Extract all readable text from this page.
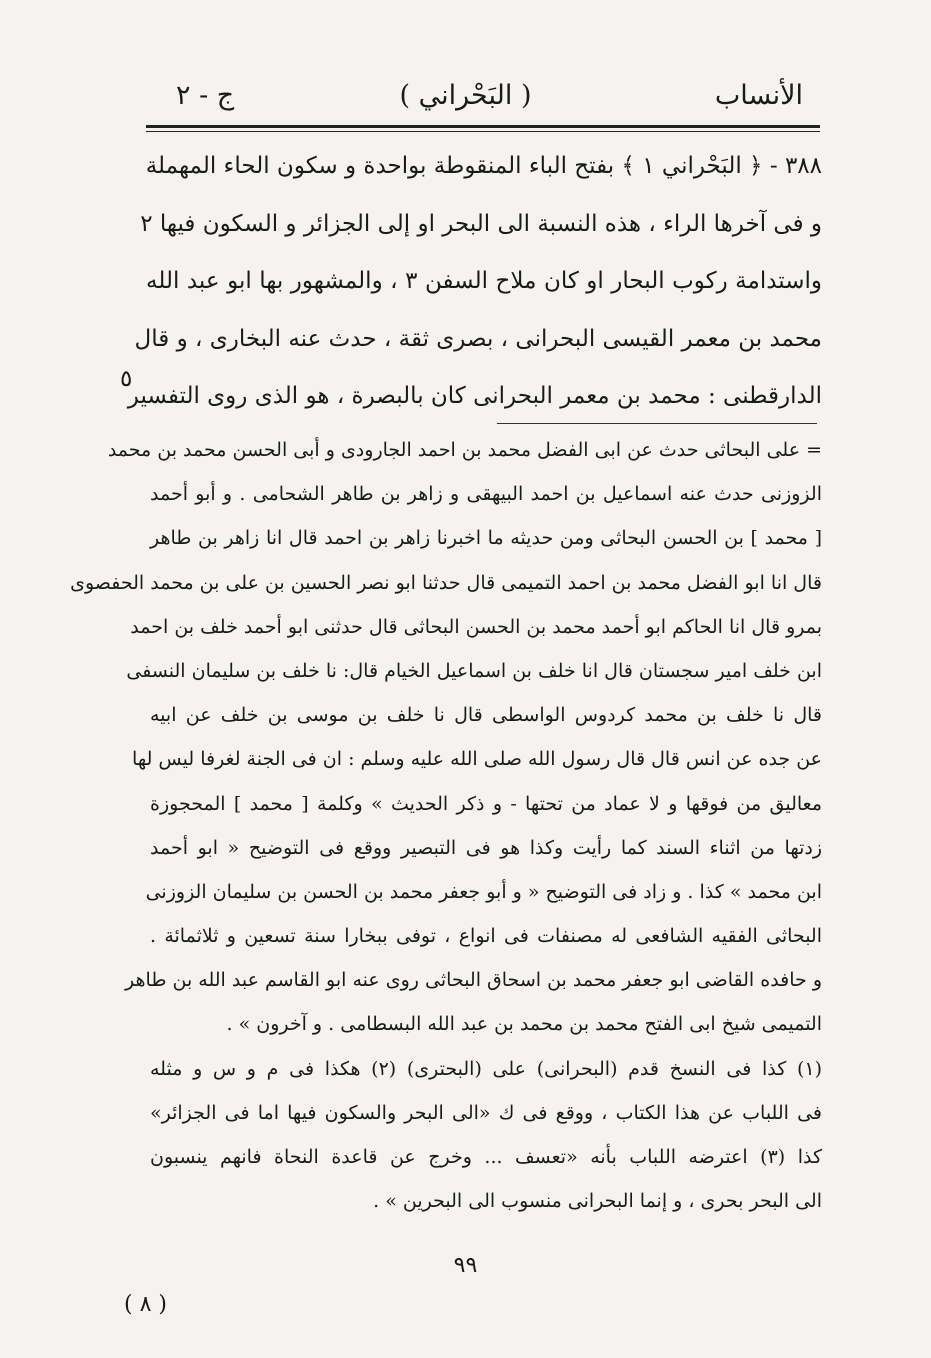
الأنساب
( البَحْراني )
ج - ٢
٣٨٨ - ﴿ البَحْراني ١ ﴾ بفتح الباء المنقوطة بواحدة و سكون الحاء المهملة
و فى آخرها الراء ، هذه النسبة الى البحر او إلى الجزائر و السكون فيها ٢
واستدامة ركوب البحار او كان ملاح السفن ٣ ، والمشهور بها ابو عبد الله
محمد بن معمر القيسى البحرانى ، بصرى ثقة ، حدث عنه البخارى ، و قال
الدارقطنى : محمد بن معمر البحرانى كان بالبصرة ، هو الذى روى التفسير
٥
= على البحاثى حدث عن ابى الفضل محمد بن احمد الجارودى و أبى الحسن محمد بن محمد
الزوزنى حدث عنه اسماعيل بن احمد البيهقى و زاهر بن طاهر الشحامى . و أبو أحمد
[ محمد ] بن الحسن البحاثى ومن حديثه ما اخبرنا زاهر بن احمد قال انا زاهر بن طاهر
قال انا ابو الفضل محمد بن احمد التميمى قال حدثنا ابو نصر الحسين بن على بن محمد الحفصوى
بمرو قال انا الحاكم ابو أحمد محمد بن الحسن البحاثى قال حدثنى ابو أحمد خلف بن احمد
ابن خلف امير سجستان قال انا خلف بن اسماعيل الخيام قال: نا خلف بن سليمان النسفى
قال نا خلف بن محمد كردوس الواسطى قال نا خلف بن موسى بن خلف عن ابيه
عن جده عن انس قال قال رسول الله صلى الله عليه وسلم : ان فى الجنة لغرفا ليس لها
معاليق من فوقها و لا عماد من تحتها - و ذكر الحديث » وكلمة [ محمد ] المحجوزة
زدتها من اثناء السند كما رأيت وكذا هو فى التبصير ووقع فى التوضيح « ابو أحمد
ابن محمد » كذا . و زاد فى التوضيح « و أبو جعفر محمد بن الحسن بن سليمان الزوزنى
البحاثى الفقيه الشافعى له مصنفات فى انواع ، توفى ببخارا سنة تسعين و ثلاثمائة .
و حافده القاضى ابو جعفر محمد بن اسحاق البحاثى روى عنه ابو القاسم عبد الله بن طاهر
التميمى شيخ ابى الفتح محمد بن محمد بن عبد الله البسطامى . و آخرون » .
(١) كذا فى النسخ قدم (البحرانى) على (البحترى) (٢) هكذا فى م و س و مثله
فى اللباب عن هذا الكتاب ، ووقع فى ك «الى البحر والسكون فيها اما فى الجزائر»
كذا (٣) اعترضه اللباب بأنه «تعسف ... وخرج عن قاعدة النحاة فانهم ينسبون
الى البحر بحرى ، و إنما البحرانى منسوب الى البحرين » .
٩٩
( ٨ )
